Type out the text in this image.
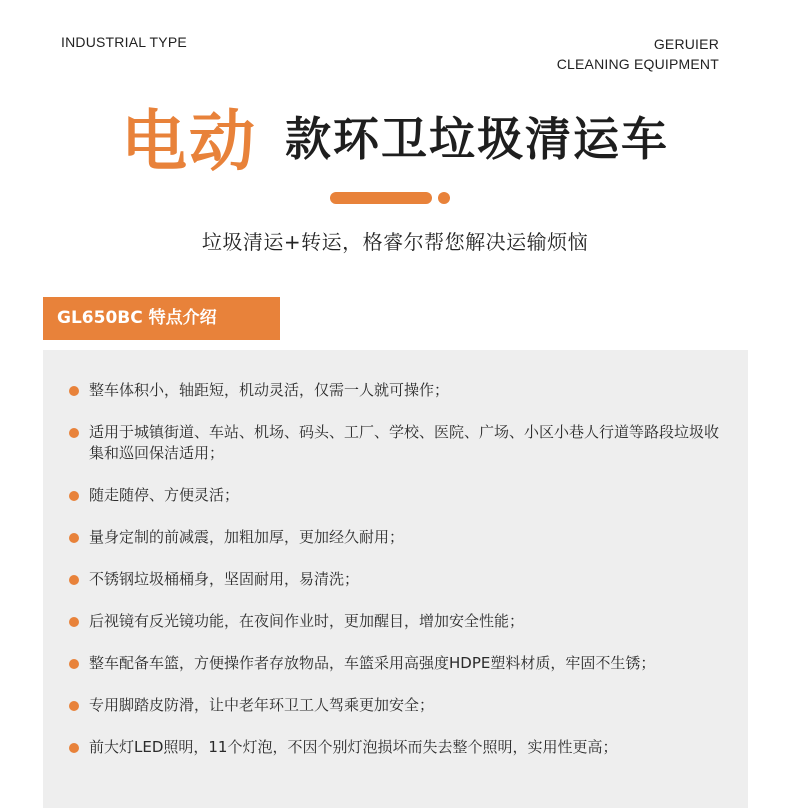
INDUSTRIAL TYPE	GERUIER
CLEANING EQUIPMENT
电动 款环卫垃圾清运车
垃圾清运+转运，格睿尔帮您解决运输烦恼
GL650BC 特点介绍
整车体积小，轴距短，机动灵活，仅需一人就可操作；
适用于城镇街道、车站、机场、码头、工厂、学校、医院、广场、小区小巷人行道等路段垃圾收集和巡回保洁适用；
随走随停、方便灵活；
量身定制的前减震，加粗加厚，更加经久耐用；
不锈钢垃圾桶桶身，坚固耐用，易清洗；
后视镜有反光镜功能，在夜间作业时，更加醒目，增加安全性能；
整车配备车篮，方便操作者存放物品，车篮采用高强度HDPE塑料材质，牢固不生锈；
专用脚踏皮防滑，让中老年环卫工人驾乘更加安全；
前大灯LED照明，11个灯泡，不因个别灯泡损坏而失去整个照明，实用性更高；
